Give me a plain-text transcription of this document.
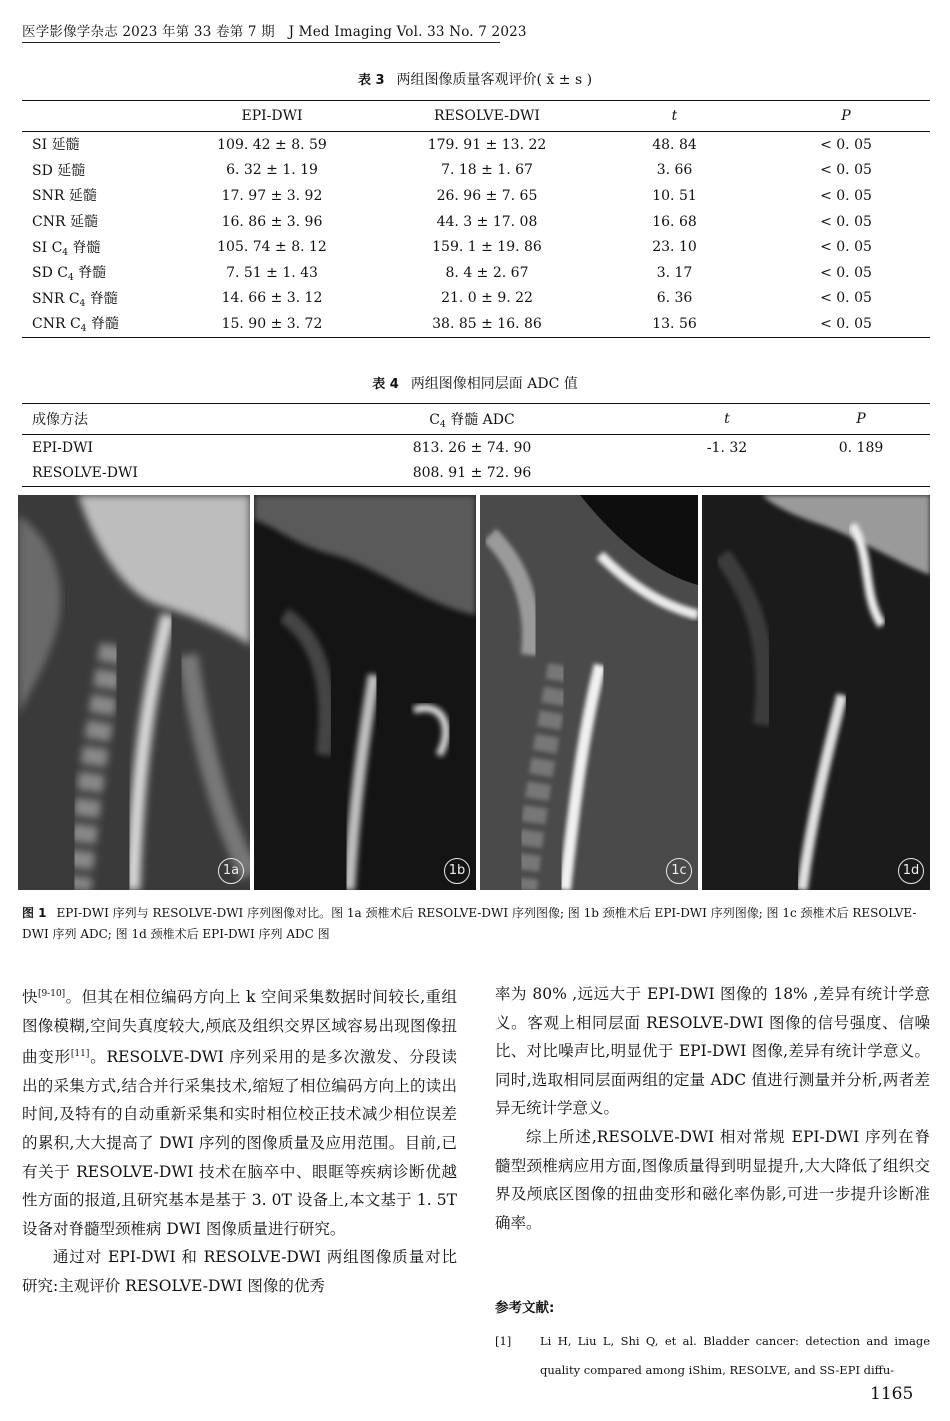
医学影像学杂志 2023 年第 33 卷第 7 期　J Med Imaging Vol. 33 No. 7 2023
表 3 两组图像质量客观评价( x̄ ± s )
	EPI-DWI	RESOLVE-DWI	t	P
SI 延髓	109. 42 ± 8. 59	179. 91 ± 13. 22	48. 84	< 0. 05
SD 延髓	6. 32 ± 1. 19	7. 18 ± 1. 67	3. 66	< 0. 05
SNR 延髓	17. 97 ± 3. 92	26. 96 ± 7. 65	10. 51	< 0. 05
CNR 延髓	16. 86 ± 3. 96	44. 3 ± 17. 08	16. 68	< 0. 05
SI $C_4$ 脊髓	105. 74 ± 8. 12	159. 1 ± 19. 86	23. 10	< 0. 05
SD $C_4$ 脊髓	7. 51 ± 1. 43	8. 4 ± 2. 67	3. 17	< 0. 05
SNR $C_4$ 脊髓	14. 66 ± 3. 12	21. 0 ± 9. 22	6. 36	< 0. 05
CNR $C_4$ 脊髓	15. 90 ± 3. 72	38. 85 ± 16. 86	13. 56	< 0. 05
表 4 两组图像相同层面 ADC 值
成像方法	$C_4$ 脊髓 ADC	t	P
EPI-DWI	813. 26 ± 74. 90	-1. 32	0. 189
RESOLVE-DWI	808. 91 ± 72. 96		
1a	1b	1c	1d
图 1 EPI-DWI 序列与 RESOLVE-DWI 序列图像对比。图 1a 颈椎术后 RESOLVE-DWI 序列图像; 图 1b 颈椎术后 EPI-DWI 序列图像; 图 1c 颈椎术后 RESOLVE-DWI 序列 ADC; 图 1d 颈椎术后 EPI-DWI 序列 ADC 图

快[9-10]。但其在相位编码方向上 k 空间采集数据时间较长,重组图像模糊,空间失真度较大,颅底及组织交界区域容易出现图像扭曲变形[11]。RESOLVE-DWI 序列采用的是多次激发、分段读出的采集方式,结合并行采集技术,缩短了相位编码方向上的读出时间,及特有的自动重新采集和实时相位校正技术减少相位误差的累积,大大提高了 DWI 序列的图像质量及应用范围。目前,已有关于 RESOLVE-DWI 技术在脑卒中、眼眶等疾病诊断优越性方面的报道,且研究基本是基于 3. 0T 设备上,本文基于 1. 5T 设备对脊髓型颈椎病 DWI 图像质量进行研究。

通过对 EPI-DWI 和 RESOLVE-DWI 两组图像质量对比研究:主观评价 RESOLVE-DWI 图像的优秀

率为 80% ,远远大于 EPI-DWI 图像的 18% ,差异有统计学意义。客观上相同层面 RESOLVE-DWI 图像的信号强度、信噪比、对比噪声比,明显优于 EPI-DWI 图像,差异有统计学意义。同时,选取相同层面两组的定量 ADC 值进行测量并分析,两者差异无统计学意义。

综上所述,RESOLVE-DWI 相对常规 EPI-DWI 序列在脊髓型颈椎病应用方面,图像质量得到明显提升,大大降低了组织交界及颅底区图像的扭曲变形和磁化率伪影,可进一步提升诊断准确率。

参考文献:
[1] Li H, Liu L, Shi Q, et al. Bladder cancer: detection and image quality compared among iShim, RESOLVE, and SS-EPI diffu-
1165
